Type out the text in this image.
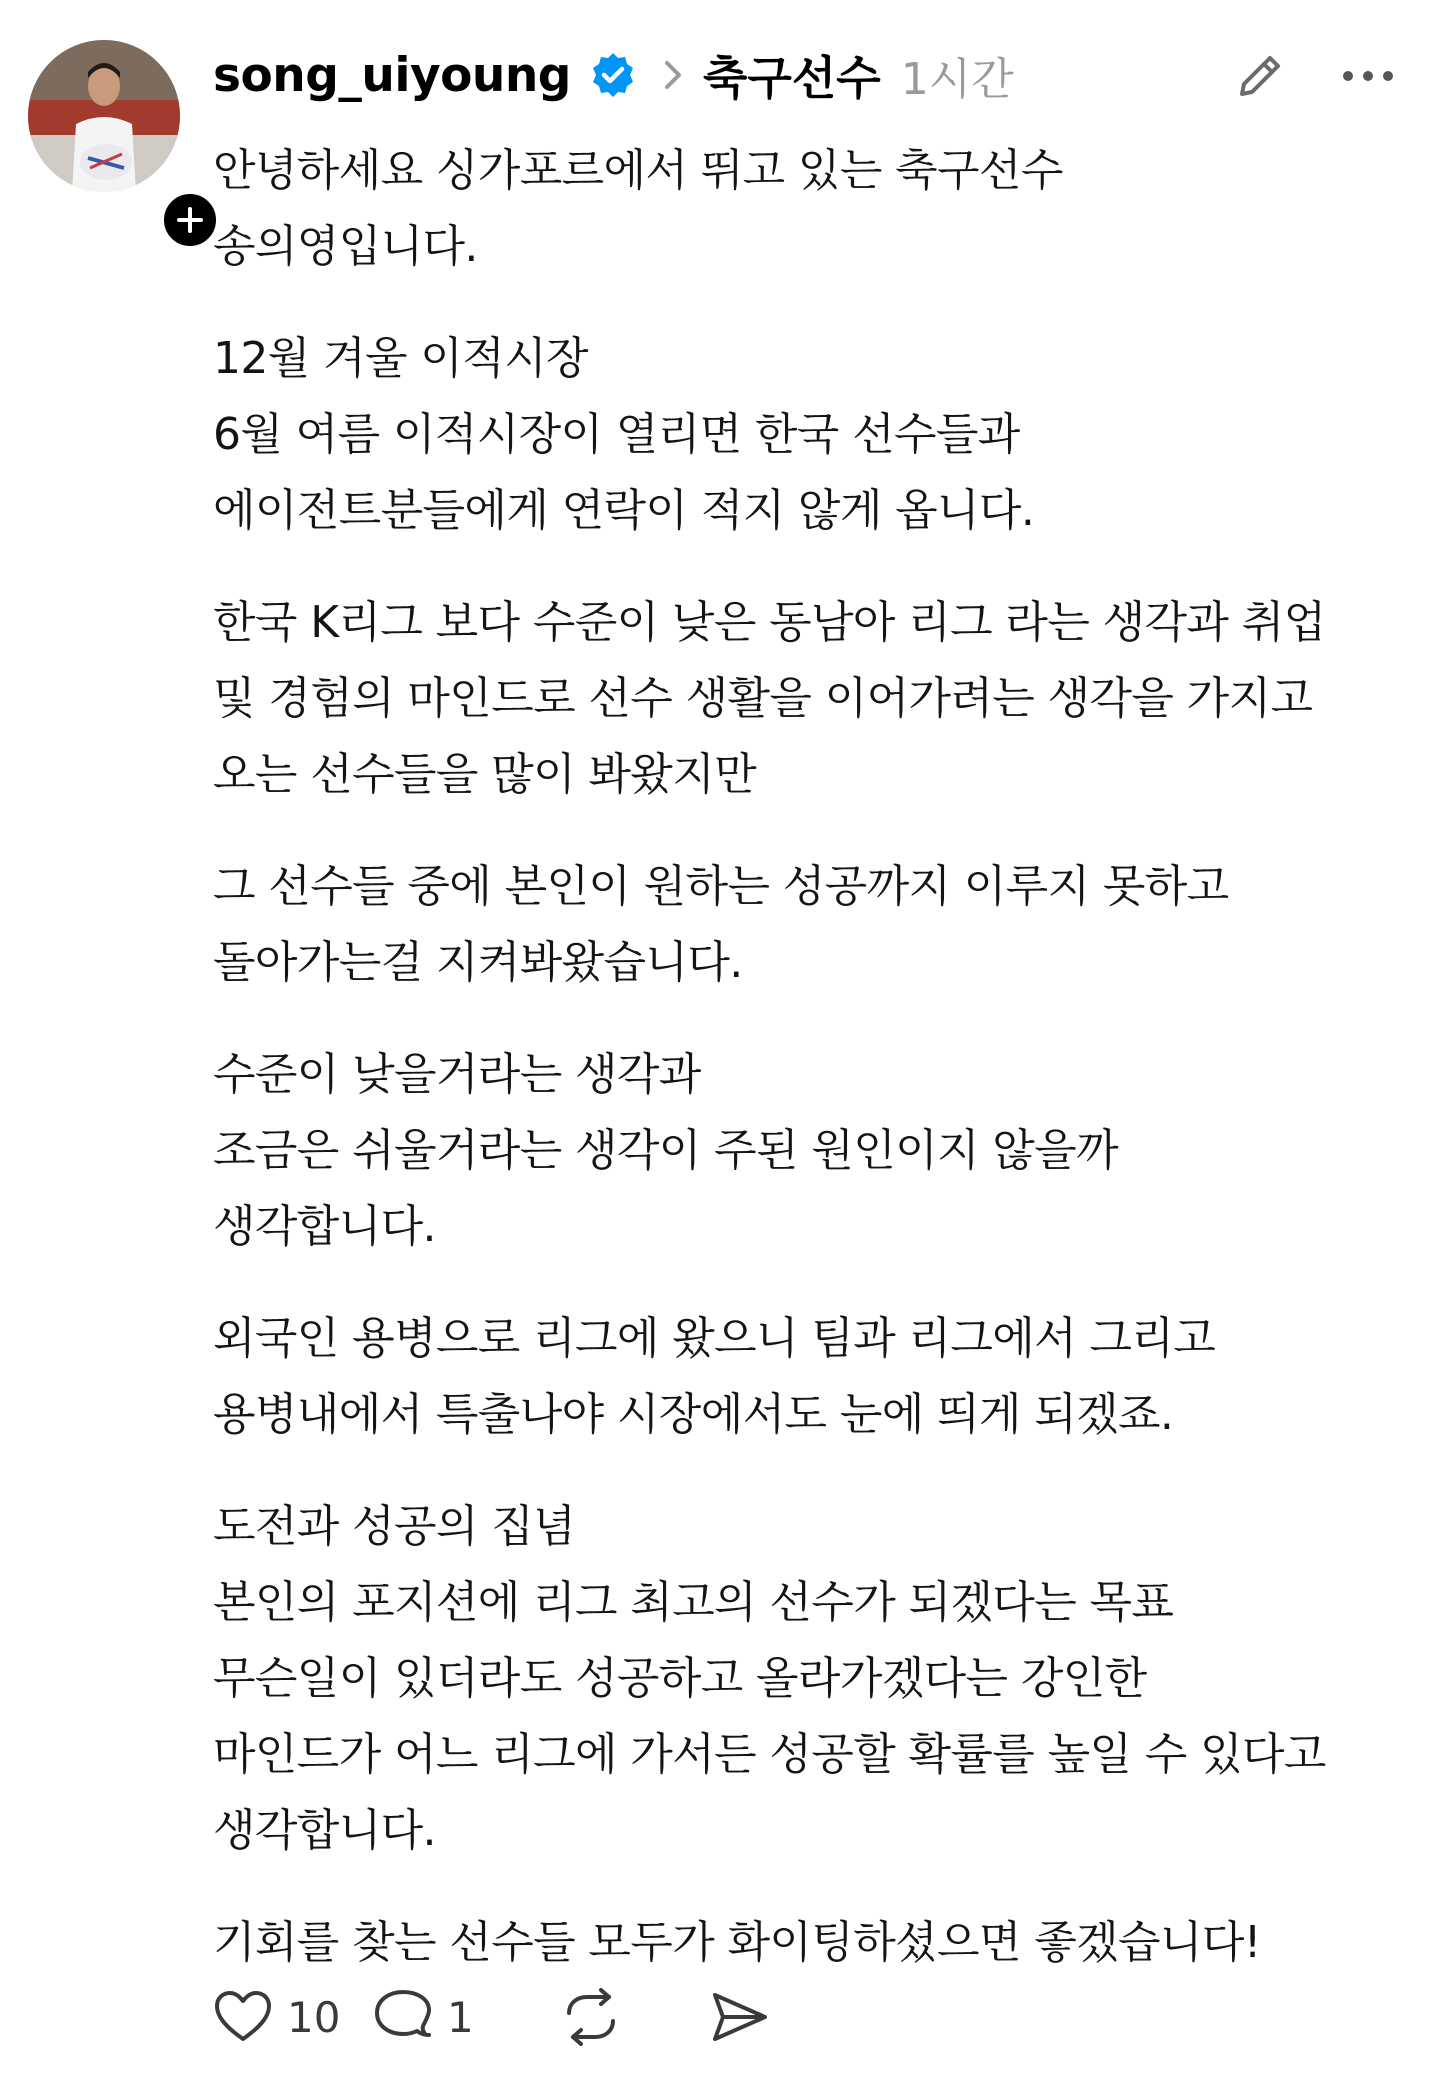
song_uiyoung	축구선수 1시간
안녕하세요 싱가포르에서 뛰고 있는 축구선수
송의영입니다.
12월 겨울 이적시장
6월 여름 이적시장이 열리면 한국 선수들과
에이전트분들에게 연락이 적지 않게 옵니다.
한국 K리그 보다 수준이 낮은 동남아 리그 라는 생각과 취업
및 경험의 마인드로 선수 생활을 이어가려는 생각을 가지고
오는 선수들을 많이 봐왔지만
그 선수들 중에 본인이 원하는 성공까지 이루지 못하고
돌아가는걸 지켜봐왔습니다.
수준이 낮을거라는 생각과
조금은 쉬울거라는 생각이 주된 원인이지 않을까
생각합니다.
외국인 용병으로 리그에 왔으니 팀과 리그에서 그리고
용병내에서 특출나야 시장에서도 눈에 띄게 되겠죠.
도전과 성공의 집념
본인의 포지션에 리그 최고의 선수가 되겠다는 목표
무슨일이 있더라도 성공하고 올라가겠다는 강인한
마인드가 어느 리그에 가서든 성공할 확률를 높일 수 있다고
생각합니다.
기회를 찾는 선수들 모두가 화이팅하셨으면 좋겠습니다!
10	1
